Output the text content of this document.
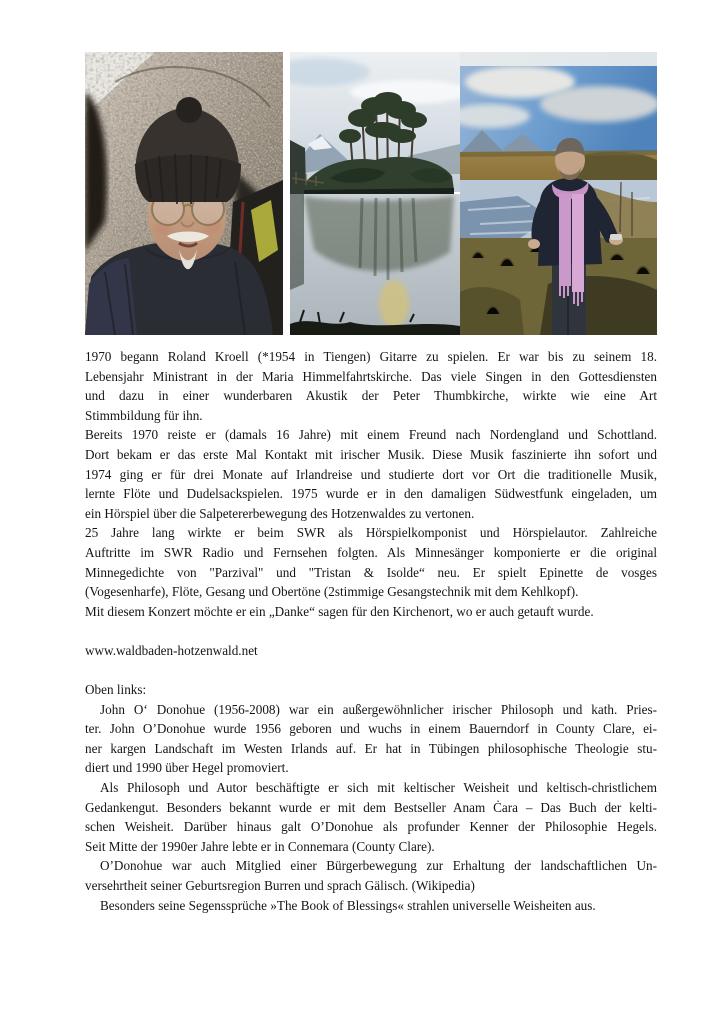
1970 begann Roland Kroell (*1954 in Tiengen) Gitarre zu spielen. Er war bis zu seinem 18.
Lebensjahr Ministrant in der Maria Himmelfahrtskirche. Das viele Singen in den Gottesdiensten
und dazu in einer wunderbaren Akustik der Peter Thumbkirche, wirkte wie eine Art
Stimmbildung für ihn.
Bereits 1970 reiste er (damals 16 Jahre) mit einem Freund nach Nordengland und Schottland.
Dort bekam er das erste Mal Kontakt mit irischer Musik. Diese Musik faszinierte ihn sofort und
1974 ging er für drei Monate auf Irlandreise und studierte dort vor Ort die traditionelle Musik,
lernte Flöte und Dudelsackspielen. 1975 wurde er in den damaligen Südwestfunk eingeladen, um
ein Hörspiel über die Salpetererbewegung des Hotzenwaldes zu vertonen.
25 Jahre lang wirkte er beim SWR als Hörspielkomponist und Hörspielautor. Zahlreiche
Auftritte im SWR Radio und Fernsehen folgten. Als Minnesänger komponierte er die original
Minnegedichte von "Parzival" und "Tristan & Isolde“ neu. Er spielt Epinette de vosges
(Vogesenharfe), Flöte, Gesang und Obertöne (2stimmige Gesangstechnik mit dem Kehlkopf).
Mit diesem Konzert möchte er ein „Danke“ sagen für den Kirchenort, wo er auch getauft wurde.
www.waldbaden-hotzenwald.net
Oben links:
John O‘ Donohue (1956-2008) war ein außergewöhnlicher irischer Philosoph und kath. Pries-
ter. John O’Donohue wurde 1956 geboren und wuchs in einem Bauerndorf in County Clare, ei-
ner kargen Landschaft im Westen Irlands auf. Er hat in Tübingen philosophische Theologie stu-
diert und 1990 über Hegel promoviert.
Als Philosoph und Autor beschäftigte er sich mit keltischer Weisheit und keltisch-christlichem
Gedankengut. Besonders bekannt wurde er mit dem Bestseller Anam Ċara – Das Buch der kelti-
schen Weisheit. Darüber hinaus galt O’Donohue als profunder Kenner der Philosophie Hegels.
Seit Mitte der 1990er Jahre lebte er in Connemara (County Clare).
O’Donohue war auch Mitglied einer Bürgerbewegung zur Erhaltung der landschaftlichen Un-
versehrtheit seiner Geburtsregion Burren und sprach Gälisch. (Wikipedia)
Besonders seine Segenssprüche »The Book of Blessings« strahlen universelle Weisheiten aus.
